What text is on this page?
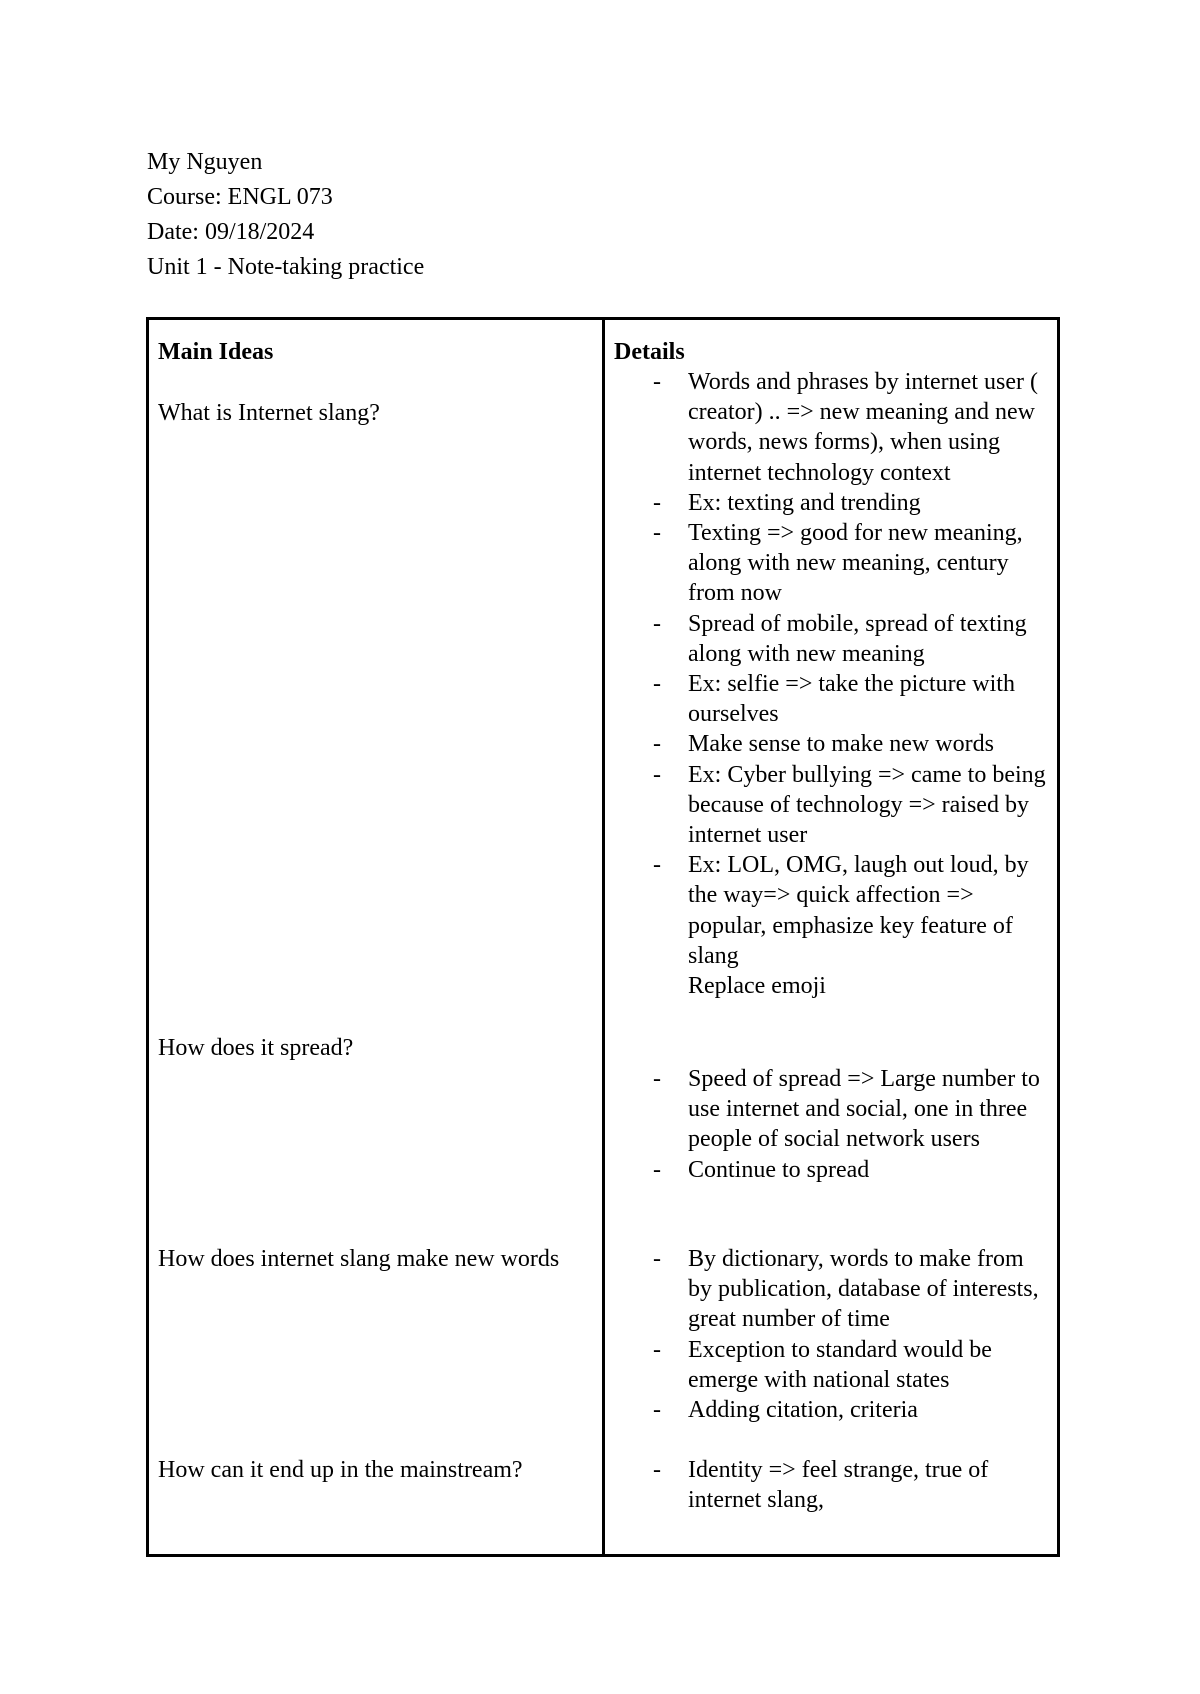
My Nguyen
Course: ENGL 073
Date: 09/18/2024
Unit 1 - Note-taking practice
Main Ideas
What is Internet slang?
How does it spread?
How does internet slang make new words
How can it end up in the mainstream?
Details
- Words and phrases by internet user ( creator) .. => new meaning and new words, news forms), when using internet technology context
- Ex: texting and trending
- Texting => good for new meaning, along with new meaning, century from now
- Spread of mobile, spread of texting along with new meaning
- Ex: selfie => take the picture with ourselves
- Make sense to make new words
- Ex: Cyber bullying => came to being because of technology => raised by internet user
- Ex: LOL, OMG, laugh out loud, by the way=> quick affection => popular, emphasize key feature of slang
Replace emoji
- Speed of spread => Large number to use internet and social, one in three people of social network users
- Continue to spread
- By dictionary, words to make from by publication, database of interests, great number of time
- Exception to standard would be emerge with national states
- Adding citation, criteria
- Identity => feel strange, true of internet slang,
